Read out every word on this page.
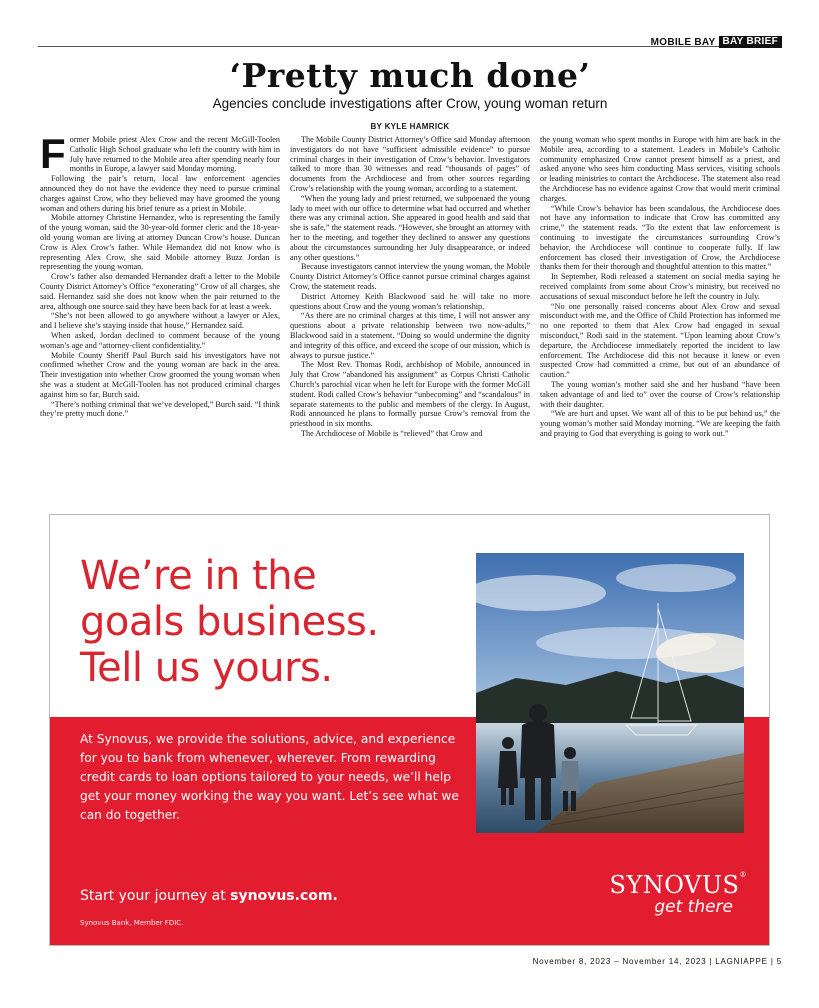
MOBILE BAY BAY BRIEF
‘Pretty much done’
Agencies conclude investigations after Crow, young woman return
BY KYLE HAMRICK

Former Mobile priest Alex Crow and the recent McGill-Toolen Catholic High School graduate who left the country with him in July have returned to the Mobile area after spending nearly four months in Europe, a lawyer said Monday morning.

Following the pair’s return, local law enforcement agencies announced they do not have the evidence they need to pursue criminal charges against Crow, who they believed may have groomed the young woman and others during his brief tenure as a priest in Mobile.

Mobile attorney Christine Hernandez, who is representing the family of the young woman, said the 30-year-old former cleric and the 18-year-old young woman are living at attorney Duncan Crow’s house. Duncan Crow is Alex Crow’s father. While Hernandez did not know who is representing Alex Crow, she said Mobile attorney Buzz Jordan is representing the young woman.

Crow’s father also demanded Hernandez draft a letter to the Mobile County District Attorney’s Office “exonerating” Crow of all charges, she said. Hernandez said she does not know when the pair returned to the area, although one source said they have been back for at least a week.

“She’s not been allowed to go anywhere without a lawyer or Alex, and I believe she’s staying inside that house,” Hernandez said.

When asked, Jordan declined to comment because of the young woman’s age and “attorney-client confidentiality.”

Mobile County Sheriff Paul Burch said his investigators have not confirmed whether Crow and the young woman are back in the area. Their investigation into whether Crow groomed the young woman when she was a student at McGill-Toolen has not produced criminal charges against him so far, Burch said.

“There’s nothing criminal that we’ve developed,” Burch said. “I think they’re pretty much done.”

The Mobile County District Attorney’s Office said Monday afternoon investigators do not have “sufficient admissible evidence” to pursue criminal charges in their investigation of Crow’s behavior. Investigators talked to more than 30 witnesses and read “thousands of pages” of documents from the Archdiocese and from other sources regarding Crow’s relationship with the young woman, according to a statement.

“When the young lady and priest returned, we subpoenaed the young lady to meet with our office to determine what had occurred and whether there was any criminal action. She appeared in good health and said that she is safe,” the statement reads. “However, she brought an attorney with her to the meeting, and together they declined to answer any questions about the circumstances surrounding her July disappearance, or indeed any other questions.”

Because investigators cannot interview the young woman, the Mobile County District Attorney’s Office cannot pursue criminal charges against Crow, the statement reads.

District Attorney Keith Blackwood said he will take no more questions about Crow and the young woman’s relationship.

“As there are no criminal charges at this time, I will not answer any questions about a private relationship between two now-adults,” Blackwood said in a statement. “Doing so would undermine the dignity and integrity of this office, and exceed the scope of our mission, which is always to pursue justice.”

The Most Rev. Thomas Rodi, archbishop of Mobile, announced in July that Crow “abandoned his assignment” as Corpus Christi Catholic Church’s parochial vicar when he left for Europe with the former McGill student. Rodi called Crow’s behavior “unbecoming” and “scandalous” in separate statements to the public and members of the clergy. In August, Rodi announced he plans to formally pursue Crow’s removal from the priesthood in six months.

The Archdiocese of Mobile is “relieved” that Crow and

the young woman who spent months in Europe with him are back in the Mobile area, according to a statement. Leaders in Mobile’s Catholic community emphasized Crow cannot present himself as a priest, and asked anyone who sees him conducting Mass services, visiting schools or leading ministries to contact the Archdiocese. The statement also read the Archdiocese has no evidence against Crow that would merit criminal charges.

“While Crow’s behavior has been scandalous, the Archdiocese does not have any information to indicate that Crow has committed any crime,” the statement reads. “To the extent that law enforcement is continuing to investigate the circumstances surrounding Crow’s behavior, the Archdiocese will continue to cooperate fully. If law enforcement has closed their investigation of Crow, the Archdiocese thanks them for their thorough and thoughtful attention to this matter.”

In September, Rodi released a statement on social media saying he received complaints from some about Crow’s ministry, but received no accusations of sexual misconduct before he left the country in July.

“No one personally raised concerns about Alex Crow and sexual misconduct with me, and the Office of Child Protection has informed me no one reported to them that Alex Crow had engaged in sexual misconduct,” Rodi said in the statement. “Upon learning about Crow’s departure, the Archdiocese immediately reported the incident to law enforcement. The Archdiocese did this not because it knew or even suspected Crow had committed a crime, but out of an abundance of caution.”

The young woman’s mother said she and her husband “have been taken advantage of and lied to” over the course of Crow’s relationship with their daughter.

“We are hurt and upset. We want all of this to be put behind us,” the young woman’s mother said Monday morning. “We are keeping the faith and praying to God that everything is going to work out.”

We’re in the
goals business.
Tell us yours.
At Synovus, we provide the solutions, advice, and experience for you to bank from whenever, wherever. From rewarding credit cards to loan options tailored to your needs, we’ll help get your money working the way you want. Let’s see what we can do together.
Start your journey at synovus.com.
Synovus Bank, Member FDIC.
SYNOVUS®
get there
November 8, 2023 – November 14, 2023 | LAGNIAPPE | 5
